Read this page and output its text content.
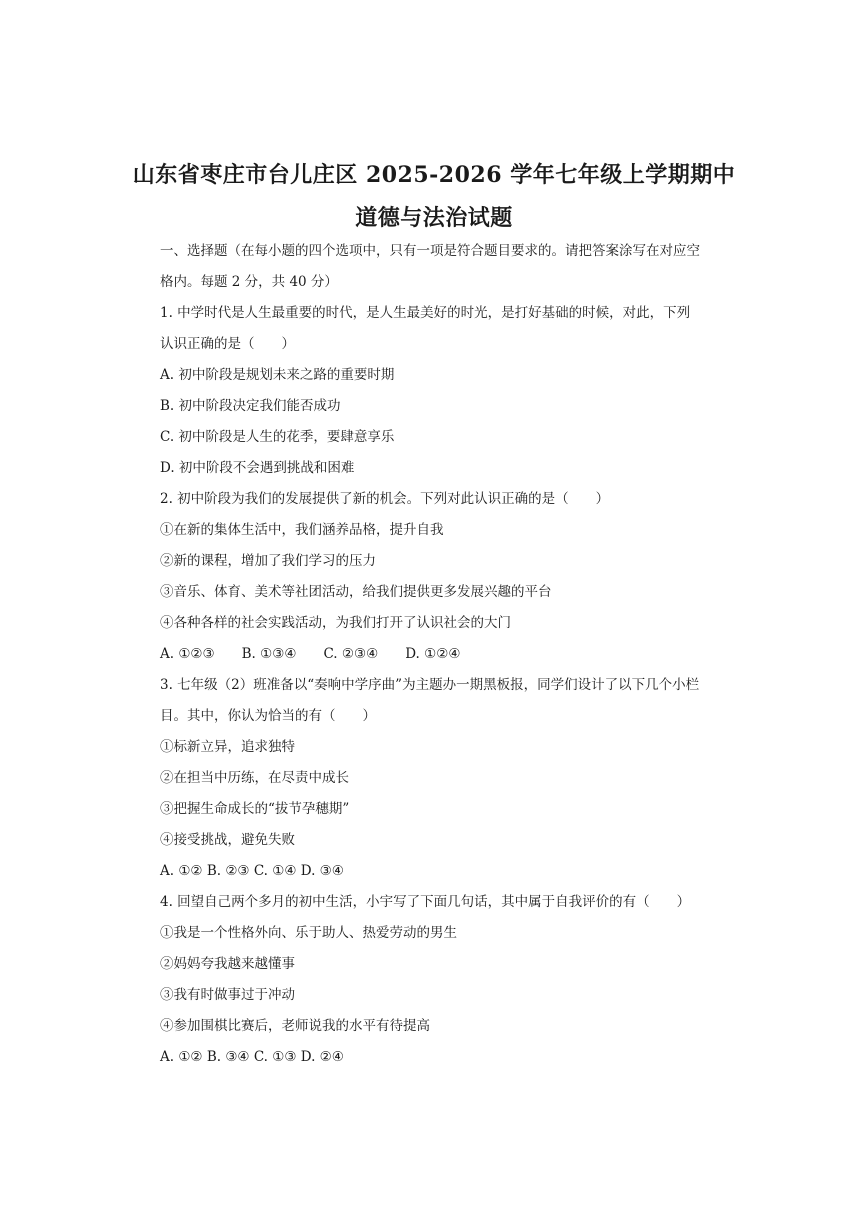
山东省枣庄市台儿庄区 2025-2026 学年七年级上学期期中
道德与法治试题
一、选择题（在每小题的四个选项中，只有一项是符合题目要求的。请把答案涂写在对应空
格内。每题 2 分，共 40 分）
1. 中学时代是人生最重要的时代，是人生最美好的时光，是打好基础的时候，对此，下列
认识正确的是（　　）
A. 初中阶段是规划未来之路的重要时期
B. 初中阶段决定我们能否成功
C. 初中阶段是人生的花季，要肆意享乐
D. 初中阶段不会遇到挑战和困难
2. 初中阶段为我们的发展提供了新的机会。下列对此认识正确的是（　　）
①在新的集体生活中，我们涵养品格，提升自我
②新的课程，增加了我们学习的压力
③音乐、体育、美术等社团活动，给我们提供更多发展兴趣的平台
④各种各样的社会实践活动，为我们打开了认识社会的大门
A. ①②③　　B. ①③④　　C. ②③④　　D. ①②④
3. 七年级（2）班准备以“奏响中学序曲”为主题办一期黑板报，同学们设计了以下几个小栏
目。其中，你认为恰当的有（　　）
①标新立异，追求独特
②在担当中历练，在尽责中成长
③把握生命成长的“拔节孕穗期”
④接受挑战，避免失败
A. ①② B. ②③ C. ①④ D. ③④
4. 回望自己两个多月的初中生活，小宇写了下面几句话，其中属于自我评价的有（　　）
①我是一个性格外向、乐于助人、热爱劳动的男生
②妈妈夸我越来越懂事
③我有时做事过于冲动
④参加围棋比赛后，老师说我的水平有待提高
A. ①② B. ③④ C. ①③ D. ②④
